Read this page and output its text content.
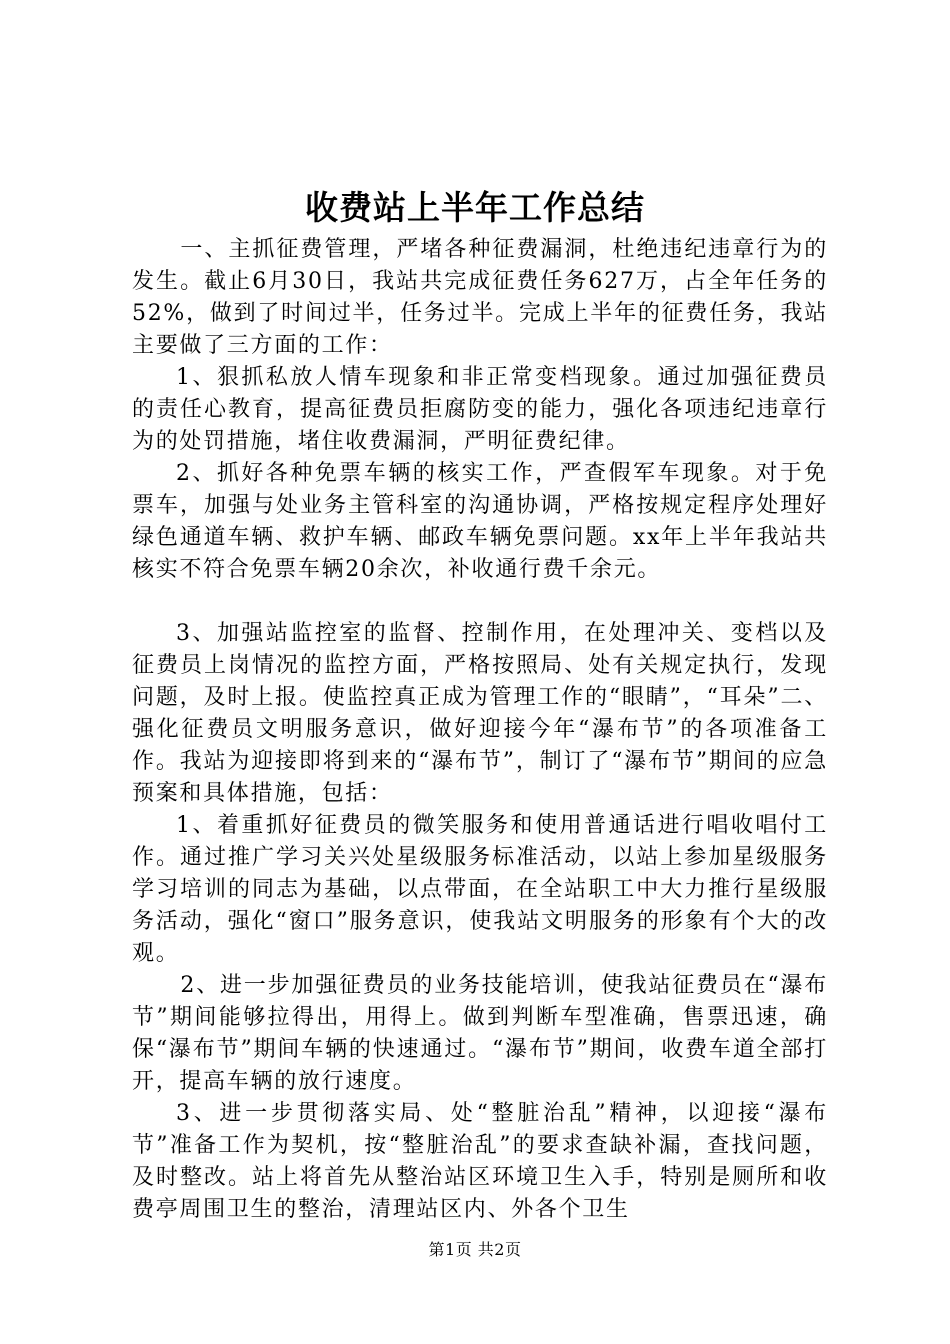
收费站上半年工作总结

一、主抓征费管理，严堵各种征费漏洞，杜绝违纪违章行为的发生。截止6月30日，我站共完成征费任务627万，占全年任务的52%，做到了时间过半，任务过半。完成上半年的征费任务，我站主要做了三方面的工作：

1、狠抓私放人情车现象和非正常变档现象。通过加强征费员的责任心教育，提高征费员拒腐防变的能力，强化各项违纪违章行为的处罚措施，堵住收费漏洞，严明征费纪律。

2、抓好各种免票车辆的核实工作，严查假军车现象。对于免票车，加强与处业务主管科室的沟通协调，严格按规定程序处理好绿色通道车辆、救护车辆、邮政车辆免票问题。xx年上半年我站共核实不符合免票车辆20余次，补收通行费千余元。

3、加强站监控室的监督、控制作用，在处理冲关、变档以及征费员上岗情况的监控方面，严格按照局、处有关规定执行，发现问题，及时上报。使监控真正成为管理工作的“眼睛”，“耳朵”二、强化征费员文明服务意识，做好迎接今年“瀑布节”的各项准备工作。我站为迎接即将到来的“瀑布节”，制订了“瀑布节”期间的应急预案和具体措施，包括：

1、着重抓好征费员的微笑服务和使用普通话进行唱收唱付工作。通过推广学习关兴处星级服务标准活动，以站上参加星级服务学习培训的同志为基础，以点带面，在全站职工中大力推行星级服务活动，强化“窗口”服务意识，使我站文明服务的形象有个大的改观。

2、进一步加强征费员的业务技能培训，使我站征费员在“瀑布节”期间能够拉得出，用得上。做到判断车型准确，售票迅速，确保“瀑布节”期间车辆的快速通过。“瀑布节”期间，收费车道全部打开，提高车辆的放行速度。

3、进一步贯彻落实局、处“整脏治乱”精神，以迎接“瀑布节”准备工作为契机，按“整脏治乱”的要求查缺补漏，查找问题，及时整改。站上将首先从整治站区环境卫生入手，特别是厕所和收费亭周围卫生的整治，清理站区内、外各个卫生

第1页 共2页
